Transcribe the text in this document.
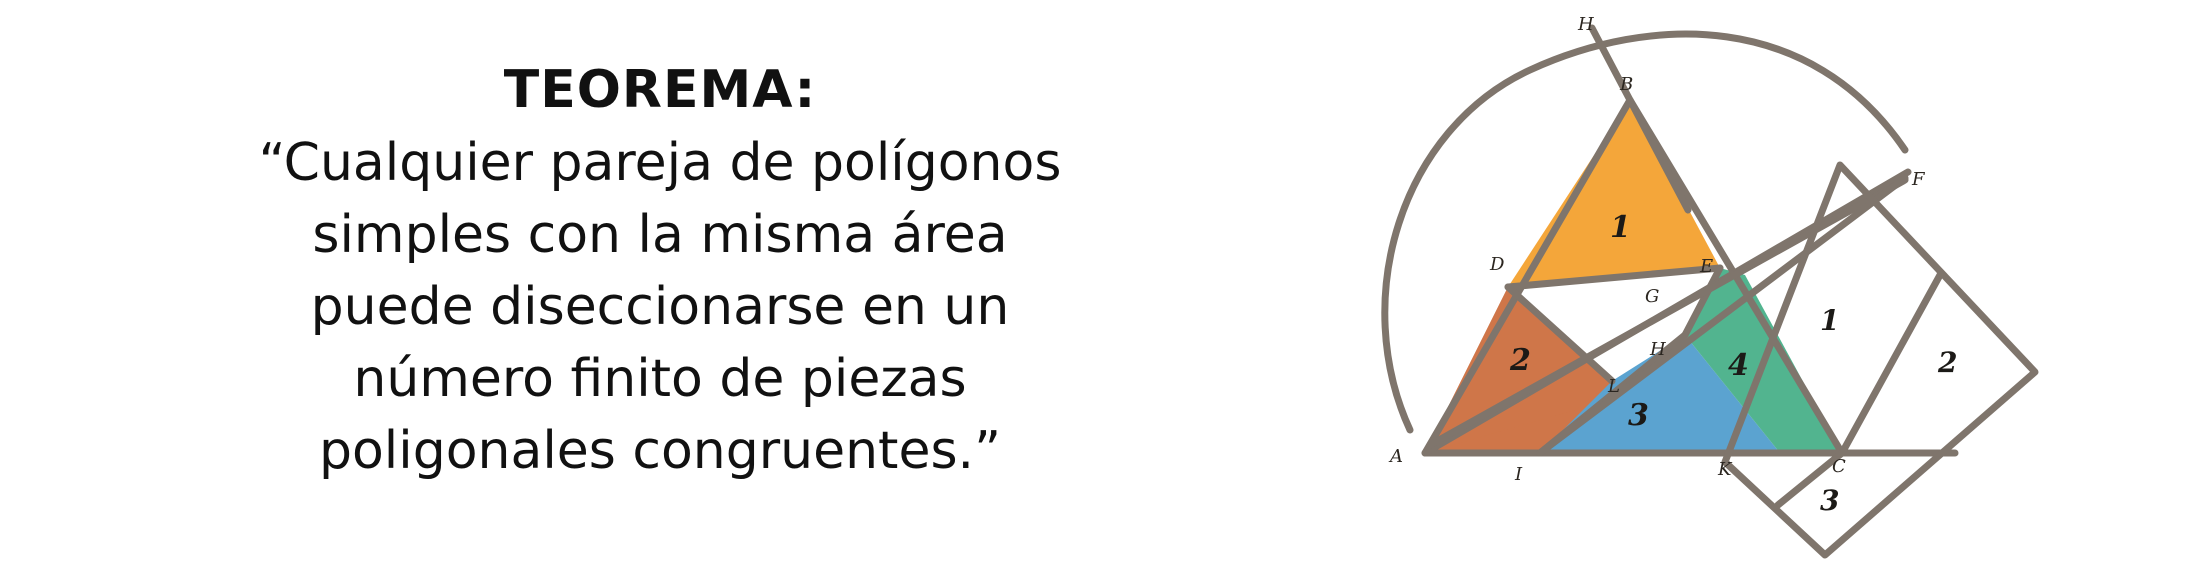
TEOREMA:

“Cualquier pareja de polígonos
simples con la misma área
puede diseccionarse en un
número finito de piezas
poligonales congruentes.”	A
B
C
D	E
F
G
H
H
I	K
L
1
2
3
4
1
2
3
